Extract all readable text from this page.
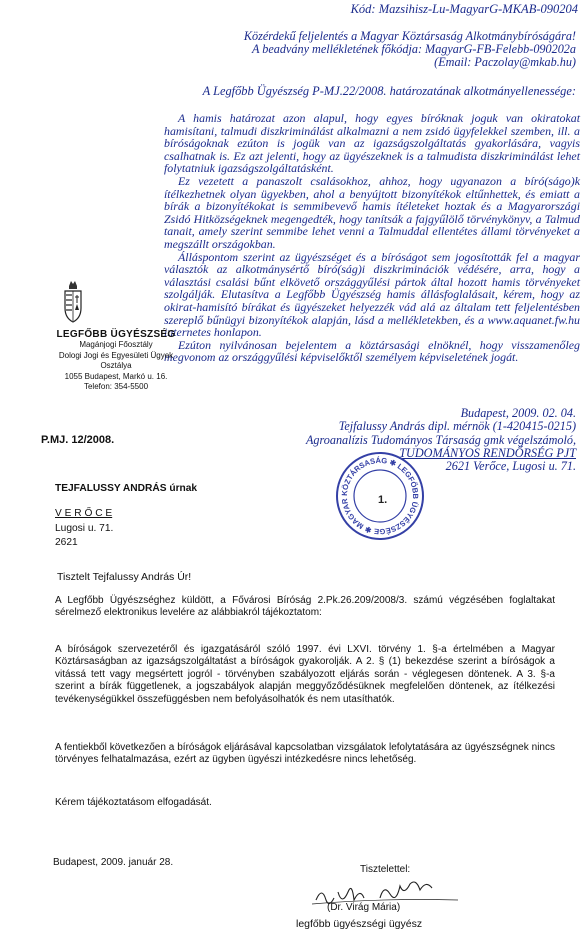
Kód: Mazsihisz-Lu-MagyarG-MKAB-090204
Közérdekű feljelentés a Magyar Köztársaság Alkotmánybíróságára!
A beadvány mellékletének főkódja: MagyarG-FB-Felebb-090202a
(Email: Paczolay@mkab.hu)
A Legfőbb Ügyészség P-MJ.22/2008. határozatának alkotmányellenessége:

A hamis határozat azon alapul, hogy egyes bíróknak joguk van okiratokat hamisítani, talmudi diszkriminálást alkalmazni a nem zsidó ügyfelekkel szemben, ill. a bíróságoknak ezúton is jogük van az igazságszolgáltatás gyakorlására, vagyis csalhatnak is. Ez azt jelenti, hogy az ügyészeknek is a talmudista diszkriminálást lehet folytatniuk igazságszolgáltatásként.

Ez vezetett a panaszolt csalásokhoz, ahhoz, hogy ugyanazon a bíró(ságo)k ítélkezhetnek olyan ügyekben, ahol a benyújtott bizonyítékok eltűnhettek, és emiatt a bírák a bizonyítékokat is semmibevevő hamis ítéleteket hoztak és a Magyarországi Zsidó Hitközségeknek megengedték, hogy tanítsák a fajgyűlölő törvénykönyv, a Talmud tanait, amely szerint semmibe lehet venni a Talmuddal ellentétes állami törvényeket a megszállt országokban.

Álláspontom szerint az ügyészséget és a bíróságot sem jogosították fel a magyar választók az alkotmánysértő bíró(ság)i diszkriminációk védésére, arra, hogy a választási csalási bűnt elkövető országgyűlési pártok által hozott hamis törvényeket szolgálják. Elutasítva a Legfőbb Ügyészség hamis állásfoglalásait, kérem, hogy az okirat-hamisító bírákat és ügyészeket helyezzék vád alá az általam tett feljelentésben szereplő bűnügyi bizonyítékok alapján, lásd a mellékletekben, és a www.aquanet.fw.hu internetes honlapon.

Ezúton nyilvánosan bejelentem a köztársasági elnöknél, hogy visszamenőleg megvonom az országgyűlési képviselőktől személyem képviseletének jogát.

Budapest, 2009. 02. 04.
Tejfalussy András dipl. mérnök (1-420415-0215)
Agroanalízis Tudományos Társaság gmk végelszámoló,
TUDOMÁNYOS RENDŐRSÉG PJT
2621 Verőce, Lugosi u. 71.
LEGFŐBB ÜGYÉSZSÉG
Magánjogi Főosztály
Dologi Jogi és Egyesületi Ügyek
Osztálya
1055 Budapest, Markó u. 16.
Telefon: 354-5500
P.MJ. 12/2008.
TEJFALUSSY ANDRÁS úrnak
V E R Ő C E
Lugosi u. 71.
2621
KÖZTÁRSASÁG ✱ LEGFŐBB ÜGYÉSZSÉGE ✱ MAGYAR	1.
Tisztelt Tejfalussy András Úr!
A Legfőbb Ügyészséghez küldött, a Fővárosi Bíróság 2.Pk.26.209/2008/3. számú végzésében foglaltakat sérelmező elektronikus levelére az alábbiakról tájékoztatom:
A bíróságok szervezetéről és igazgatásáról szóló 1997. évi LXVI. törvény 1. §-a értelmében a Magyar Köztársaságban az igazságszolgáltatást a bíróságok gyakorolják. A 2. § (1) bekezdése szerint a bíróságok a vitássá tett vagy megsértett jogról - törvényben szabályozott eljárás során - véglegesen döntenek. A 3. §-a szerint a bírák függetlenek, a jogszabályok alapján meggyőződésüknek megfelelően döntenek, az ítélkezési tevékenységükkel összefüggésben nem befolyásolhatók és nem utasíthatók.
A fentiekből következően a bíróságok eljárásával kapcsolatban vizsgálatok lefolytatására az ügyészségnek nincs törvényes felhatalmazása, ezért az ügyben ügyészi intézkedésre nincs lehetőség.
Kérem tájékoztatásom elfogadását.
Budapest, 2009. január 28.
Tisztelettel:
(Dr. Virág Mária)
legfőbb ügyészségi ügyész
